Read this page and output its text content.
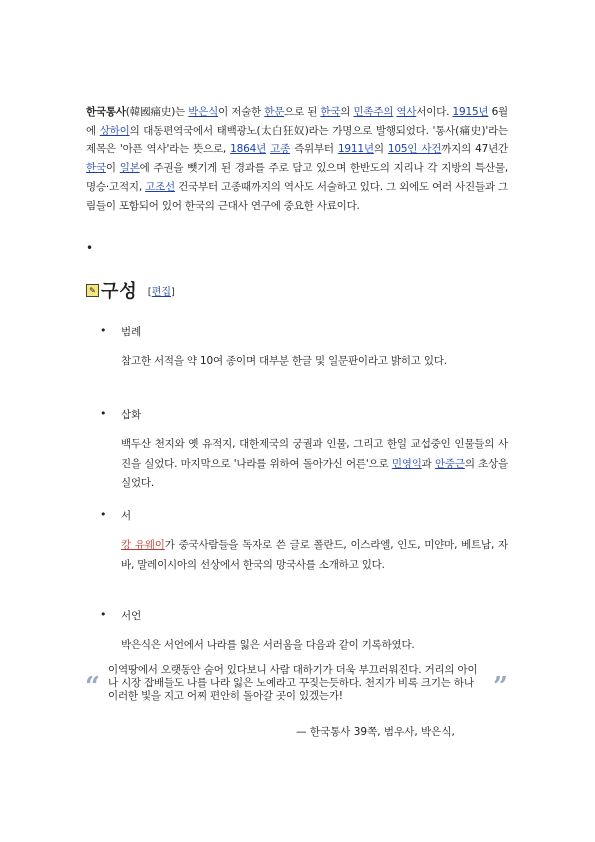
한국통사(韓國痛史)는 박은식이 저술한 한문으로 된 한국의 민족주의 역사서이다. 1915년 6월에 상하이의 대동편역국에서 태백광노(太白狂奴)라는 가명으로 발행되었다. '통사(痛史)'라는 제목은 '아픈 역사'라는 뜻으로, 1864년 고종 즉위부터 1911년의 105인 사건까지의 47년간 한국이 일본에 주권을 뺏기게 된 경과를 주로 담고 있으며 한반도의 지리나 각 지방의 특산물, 명승·고적지, 고조선 건국부터 고종때까지의 역사도 서술하고 있다. 그 외에도 여러 사진들과 그림들이 포함되어 있어 한국의 근대사 연구에 중요한 사료이다.

•
✎ 구성 [편집]
• 범례

참고한 서적을 약 10여 종이며 대부분 한글 및 일문판이라고 밝히고 있다.

• 삽화

백두산 천지와 옛 유적지, 대한제국의 궁궐과 인물, 그리고 한일 교섭중인 인물들의 사진을 실었다. 마지막으로 '나라를 위하여 돌아가신 어른'으로 민영익과 안중근의 초상을 실었다.

• 서

캉 유웨이가 중국사람들을 독자로 쓴 글로 폴란드, 이스라엘, 인도, 미얀마, 베트남, 자바, 말레이시아의 선상에서 한국의 망국사를 소개하고 있다.

• 서언

박은식은 서언에서 나라를 잃은 서러움을 다음과 같이 기록하였다.

“

이역땅에서 오랫동안 숨어 있다보니 사람 대하기가 더욱 부끄러워진다. 거리의 아이나 시장 잡배들도 나를 나라 잃은 노예라고 꾸짖는듯하다. 천지가 비록 크기는 하나 이러한 빛을 지고 어찌 편안히 돌아갈 곳이 있겠는가!	”
— 한국통사 39쪽, 범우사, 박은식,
